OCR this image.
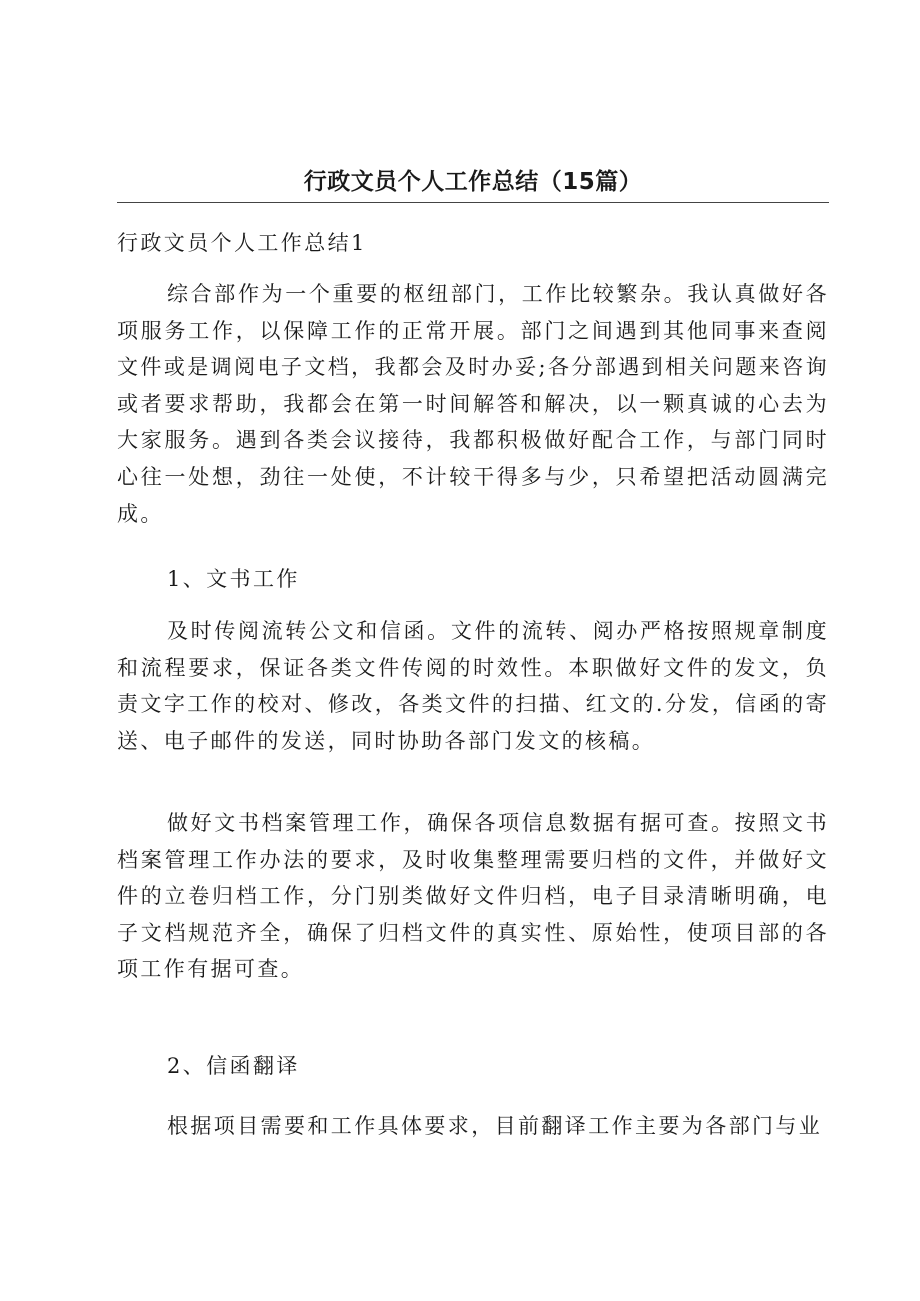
行政文员个人工作总结（15篇）

行政文员个人工作总结1

综合部作为一个重要的枢纽部门，工作比较繁杂。我认真做好各项服务工作，以保障工作的正常开展。部门之间遇到其他同事来查阅文件或是调阅电子文档，我都会及时办妥;各分部遇到相关问题来咨询或者要求帮助，我都会在第一时间解答和解决，以一颗真诚的心去为大家服务。遇到各类会议接待，我都积极做好配合工作，与部门同时心往一处想，劲往一处使，不计较干得多与少，只希望把活动圆满完成。

1、文书工作

及时传阅流转公文和信函。文件的流转、阅办严格按照规章制度和流程要求，保证各类文件传阅的时效性。本职做好文件的发文，负责文字工作的校对、修改，各类文件的扫描、红文的.分发，信函的寄送、电子邮件的发送，同时协助各部门发文的核稿。

做好文书档案管理工作，确保各项信息数据有据可查。按照文书档案管理工作办法的要求，及时收集整理需要归档的文件，并做好文件的立卷归档工作，分门别类做好文件归档，电子目录清晰明确，电子文档规范齐全，确保了归档文件的真实性、原始性，使项目部的各项工作有据可查。

2、信函翻译

根据项目需要和工作具体要求，目前翻译工作主要为各部门与业
